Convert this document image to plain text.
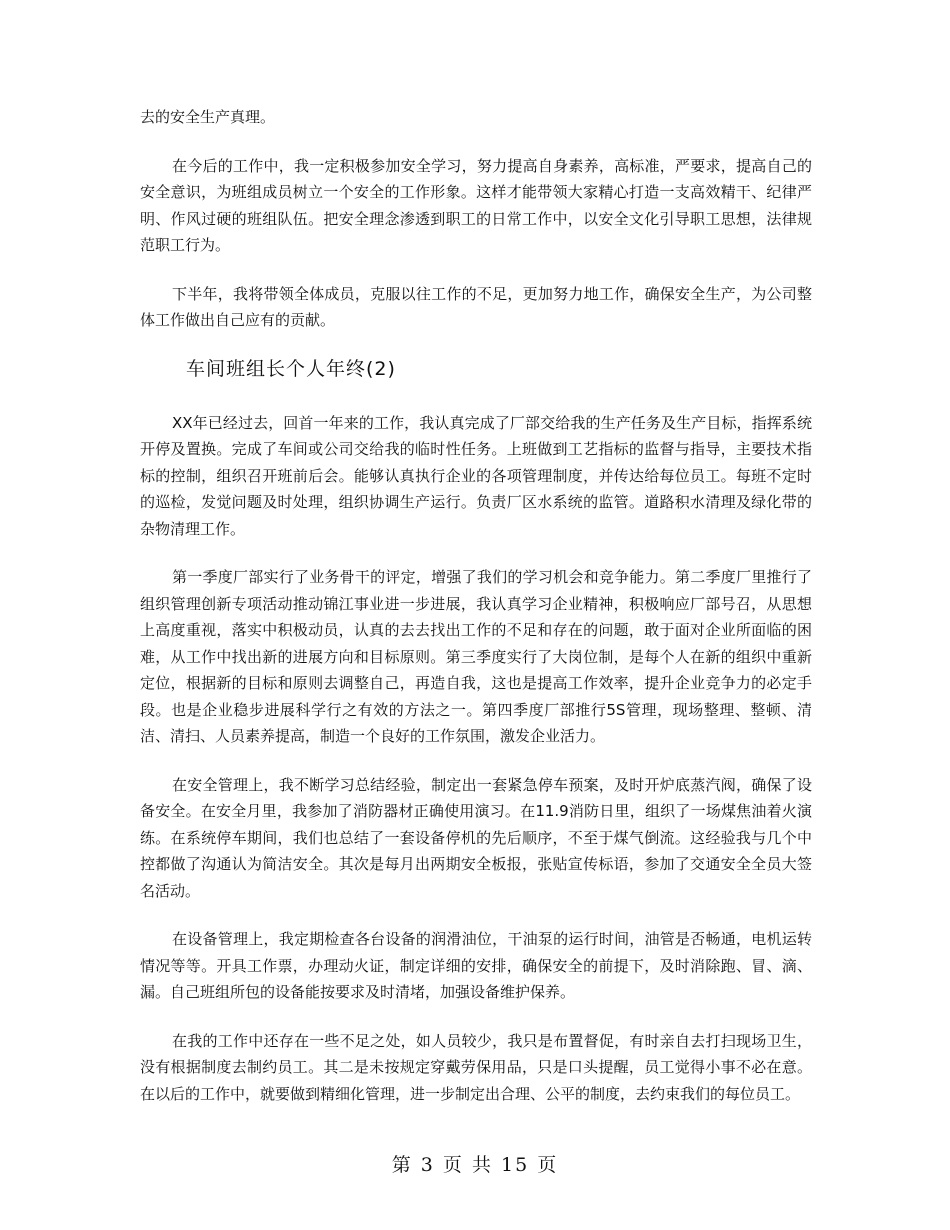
去的安全生产真理。

在今后的工作中，我一定积极参加安全学习，努力提高自身素养，高标准，严要求，提高自己的安全意识，为班组成员树立一个安全的工作形象。这样才能带领大家精心打造一支高效精干、纪律严明、作风过硬的班组队伍。把安全理念渗透到职工的日常工作中，以安全文化引导职工思想，法律规范职工行为。

下半年，我将带领全体成员，克服以往工作的不足，更加努力地工作，确保安全生产，为公司整体工作做出自己应有的贡献。

车间班组长个人年终(2)

XX年已经过去，回首一年来的工作，我认真完成了厂部交给我的生产任务及生产目标，指挥系统开停及置换。完成了车间或公司交给我的临时性任务。上班做到工艺指标的监督与指导，主要技术指标的控制，组织召开班前后会。能够认真执行企业的各项管理制度，并传达给每位员工。每班不定时的巡检，发觉问题及时处理，组织协调生产运行。负责厂区水系统的监管。道路积水清理及绿化带的杂物清理工作。

第一季度厂部实行了业务骨干的评定，增强了我们的学习机会和竞争能力。第二季度厂里推行了组织管理创新专项活动推动锦江事业进一步进展，我认真学习企业精神，积极响应厂部号召，从思想上高度重视，落实中积极动员，认真的去去找出工作的不足和存在的问题，敢于面对企业所面临的困难，从工作中找出新的进展方向和目标原则。第三季度实行了大岗位制，是每个人在新的组织中重新定位，根据新的目标和原则去调整自己，再造自我，这也是提高工作效率，提升企业竞争力的必定手段。也是企业稳步进展科学行之有效的方法之一。第四季度厂部推行5S管理，现场整理、整顿、清洁、清扫、人员素养提高，制造一个良好的工作氛围，激发企业活力。

在安全管理上，我不断学习总结经验，制定出一套紧急停车预案，及时开炉底蒸汽阀，确保了设备安全。在安全月里，我参加了消防器材正确使用演习。在11.9消防日里，组织了一场煤焦油着火演练。在系统停车期间，我们也总结了一套设备停机的先后顺序，不至于煤气倒流。这经验我与几个中控都做了沟通认为简洁安全。其次是每月出两期安全板报，张贴宣传标语，参加了交通安全全员大签名活动。

在设备管理上，我定期检查各台设备的润滑油位，干油泵的运行时间，油管是否畅通，电机运转情况等等。开具工作票，办理动火证，制定详细的安排，确保安全的前提下，及时消除跑、冒、滴、漏。自己班组所包的设备能按要求及时清堵，加强设备维护保养。

在我的工作中还存在一些不足之处，如人员较少，我只是布置督促，有时亲自去打扫现场卫生，没有根据制度去制约员工。其二是未按规定穿戴劳保用品，只是口头提醒，员工觉得小事不必在意。在以后的工作中，就要做到精细化管理，进一步制定出合理、公平的制度，去约束我们的每位员工。

第 3 页 共 15 页
